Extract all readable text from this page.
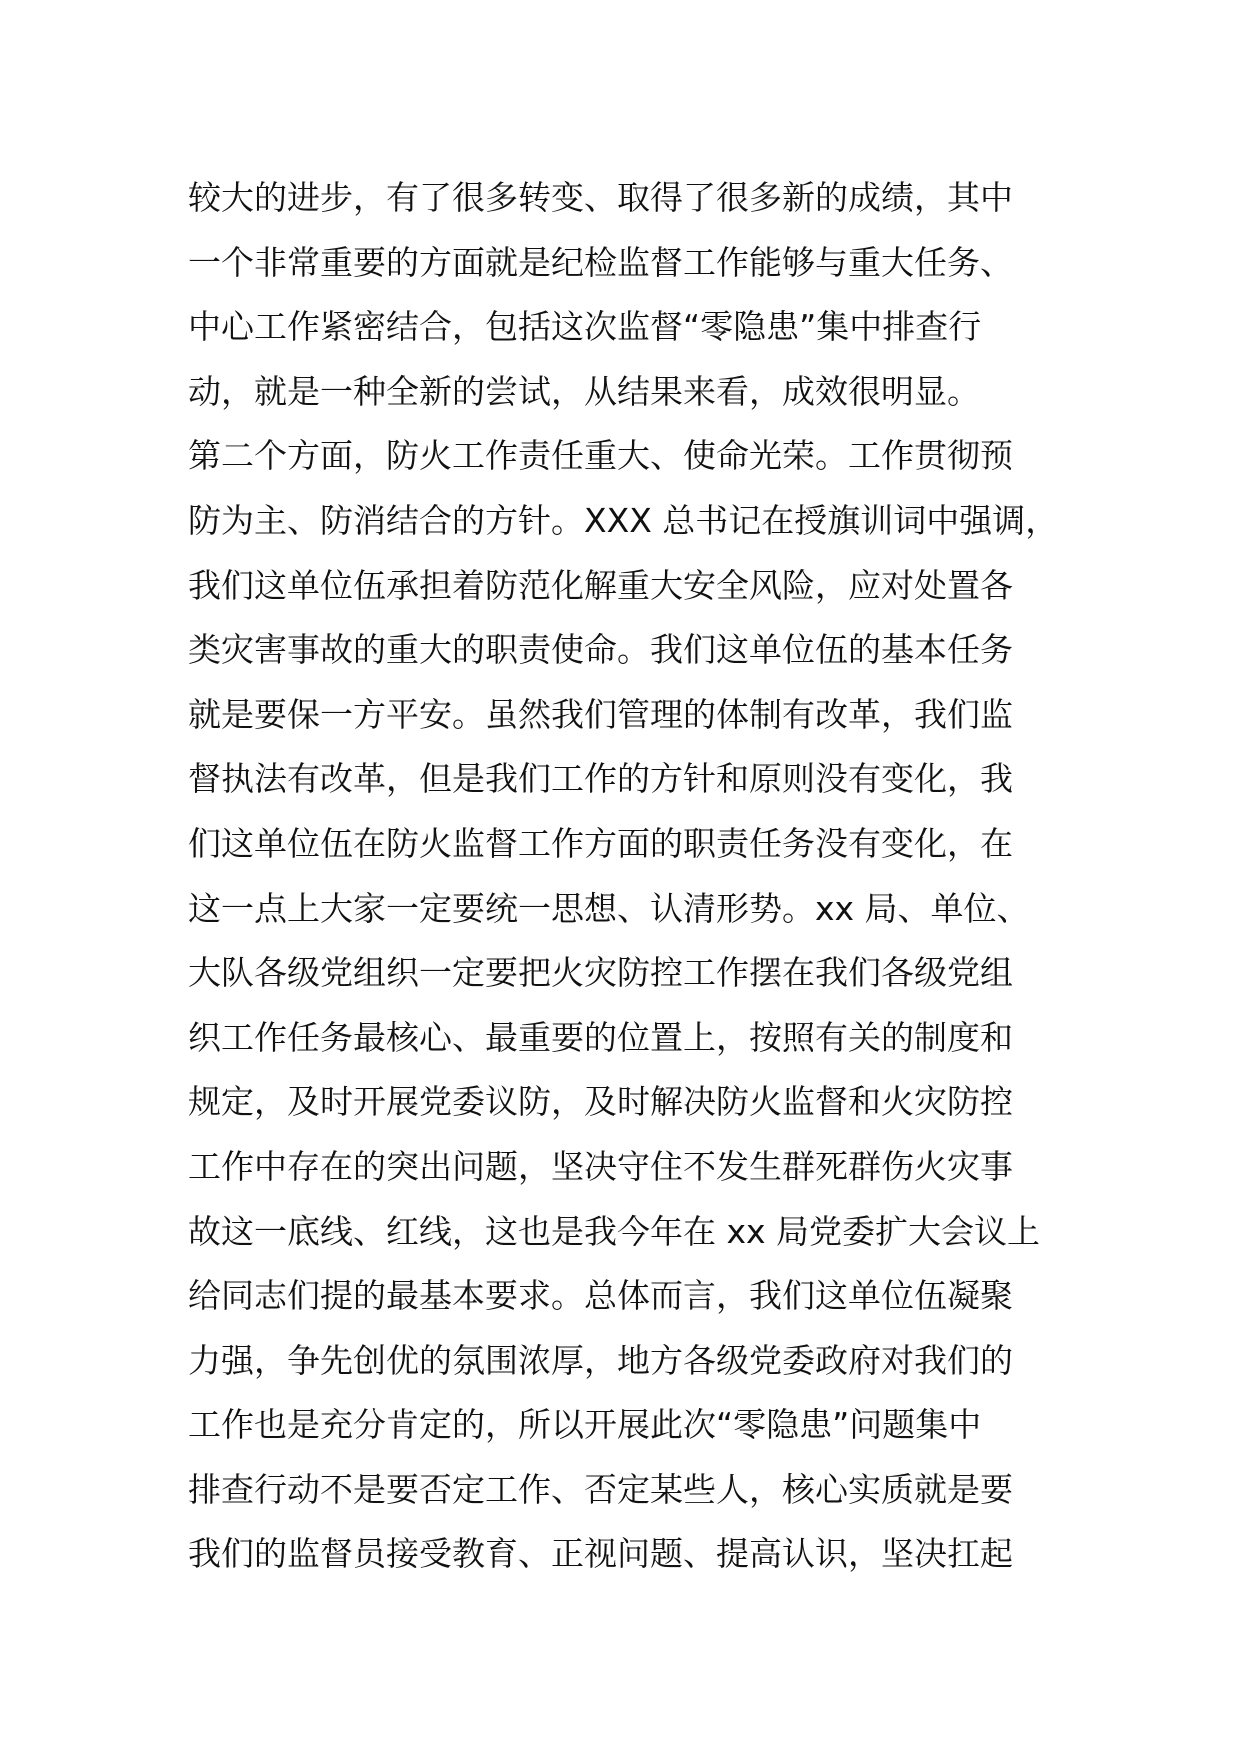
较大的进步，有了很多转变、取得了很多新的成绩，其中
一个非常重要的方面就是纪检监督工作能够与重大任务、
中心工作紧密结合，包括这次监督“零隐患”集中排查行
动，就是一种全新的尝试，从结果来看，成效很明显。
第二个方面，防火工作责任重大、使命光荣。工作贯彻预
防为主、防消结合的方针。XXX 总书记在授旗训词中强调，
我们这单位伍承担着防范化解重大安全风险，应对处置各
类灾害事故的重大的职责使命。我们这单位伍的基本任务
就是要保一方平安。虽然我们管理的体制有改革，我们监
督执法有改革，但是我们工作的方针和原则没有变化，我
们这单位伍在防火监督工作方面的职责任务没有变化，在
这一点上大家一定要统一思想、认清形势。xx 局、单位、
大队各级党组织一定要把火灾防控工作摆在我们各级党组
织工作任务最核心、最重要的位置上，按照有关的制度和
规定，及时开展党委议防，及时解决防火监督和火灾防控
工作中存在的突出问题，坚决守住不发生群死群伤火灾事
故这一底线、红线，这也是我今年在 xx 局党委扩大会议上
给同志们提的最基本要求。总体而言，我们这单位伍凝聚
力强，争先创优的氛围浓厚，地方各级党委政府对我们的
工作也是充分肯定的，所以开展此次“零隐患”问题集中
排查行动不是要否定工作、否定某些人，核心实质就是要
我们的监督员接受教育、正视问题、提高认识，坚决扛起
